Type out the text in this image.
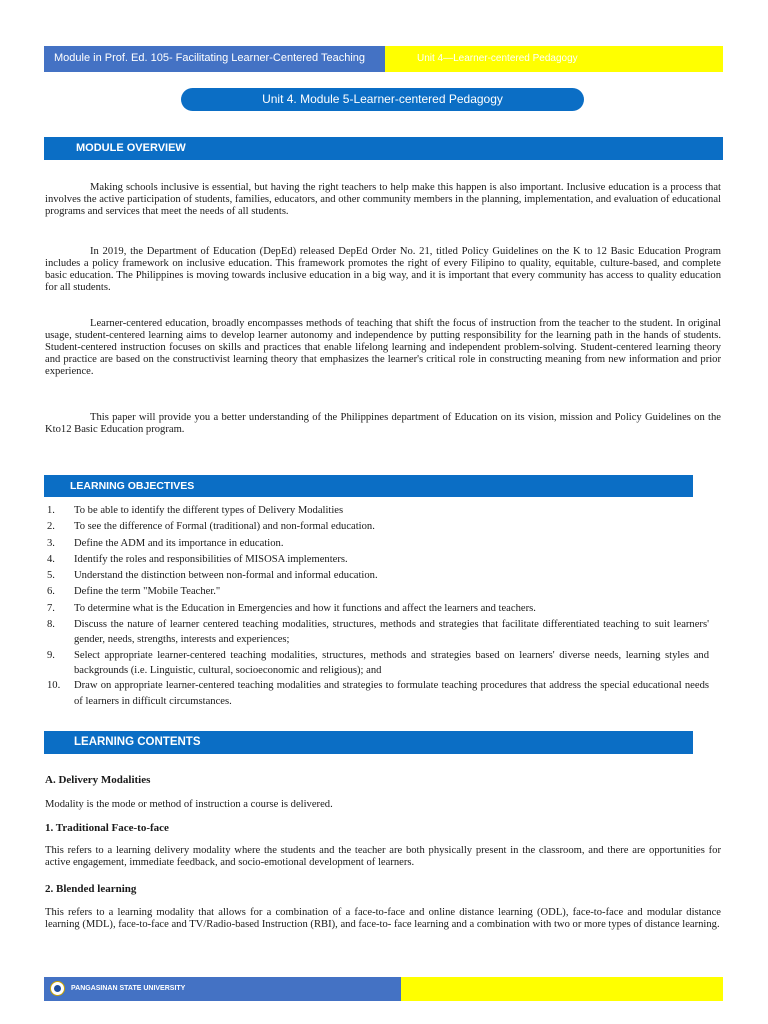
Module in Prof. Ed. 105- Facilitating Learner-Centered Teaching	Unit 4—Learner-centered Pedagogy
Unit 4. Module 5-Learner-centered Pedagogy
MODULE OVERVIEW

Making schools inclusive is essential, but having the right teachers to help make this happen is also important. Inclusive education is a process that involves the active participation of students, families, educators, and other community members in the planning, implementation, and evaluation of educational programs and services that meet the needs of all students.

In 2019, the Department of Education (DepEd) released DepEd Order No. 21, titled Policy Guidelines on the K to 12 Basic Education Program includes a policy framework on inclusive education. This framework promotes the right of every Filipino to quality, equitable, culture-based, and complete basic education. The Philippines is moving towards inclusive education in a big way, and it is important that every community has access to quality education for all students.

Learner-centered education, broadly encompasses methods of teaching that shift the focus of instruction from the teacher to the student. In original usage, student-centered learning aims to develop learner autonomy and independence by putting responsibility for the learning path in the hands of students. Student-centered instruction focuses on skills and practices that enable lifelong learning and independent problem-solving. Student-centered learning theory and practice are based on the constructivist learning theory that emphasizes the learner's critical role in constructing meaning from new information and prior experience.

This paper will provide you a better understanding of the Philippines department of Education on its vision, mission and Policy Guidelines on the Kto12 Basic Education program.

LEARNING OBJECTIVES
1.	To be able to identify the different types of Delivery Modalities
2.	To see the difference of Formal (traditional) and non-formal education.
3.	Define the ADM and its importance in education.
4.	Identify the roles and responsibilities of MISOSA implementers.
5.	Understand the distinction between non-formal and informal education.
6.	Define the term "Mobile Teacher."
7.	To determine what is the Education in Emergencies and how it functions and affect the learners and teachers.
8.	Discuss the nature of learner centered teaching modalities, structures, methods and strategies that facilitate differentiated teaching to suit learners' gender, needs, strengths, interests and experiences;
9.	Select appropriate learner-centered teaching modalities, structures, methods and strategies based on learners' diverse needs, learning styles and backgrounds (i.e. Linguistic, cultural, socioeconomic and religious); and
10.	Draw on appropriate learner-centered teaching modalities and strategies to formulate teaching procedures that address the special educational needs of learners in difficult circumstances.
LEARNING CONTENTS
A. Delivery Modalities

Modality is the mode or method of instruction a course is delivered.

1. Traditional Face-to-face

This refers to a learning delivery modality where the students and the teacher are both physically present in the classroom, and there are opportunities for active engagement, immediate feedback, and socio-emotional development of learners.

2. Blended learning

This refers to a learning modality that allows for a combination of a face-to-face and online distance learning (ODL), face-to-face and modular distance learning (MDL), face-to-face and TV/Radio-based Instruction (RBI), and face-to- face learning and a combination with two or more types of distance learning.

PANGASINAN STATE UNIVERSITY
